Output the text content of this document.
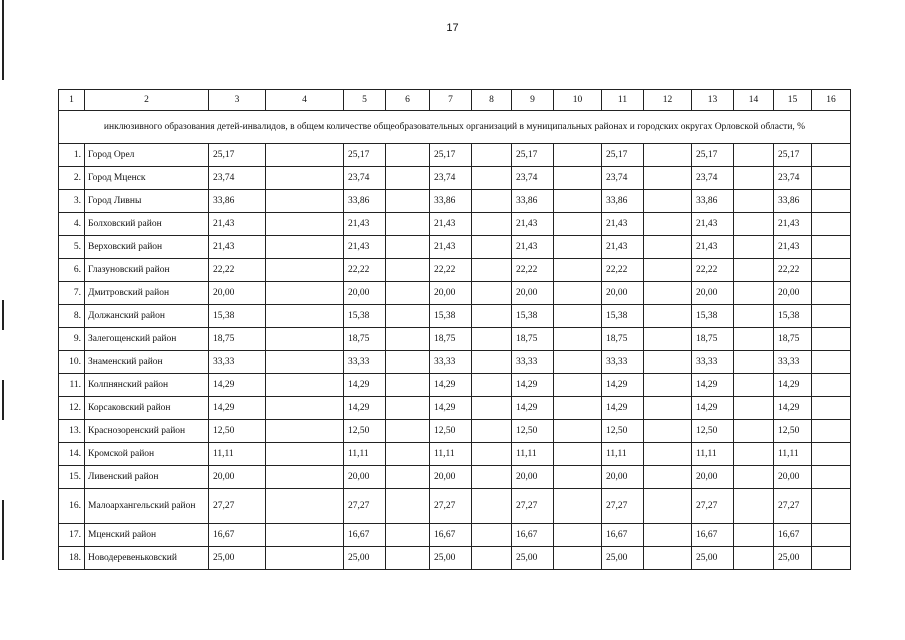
17
1	2	3	4	5	6	7	8	9	10	11	12	13	14	15	16
инклюзивного образования детей-инвалидов, в общем количестве общеобразовательных организаций в муниципальных районах и городских округах Орловской области, %															
1.	Город Орел	25,17		25,17		25,17		25,17		25,17		25,17		25,17	
2.	Город Мценск	23,74		23,74		23,74		23,74		23,74		23,74		23,74	
3.	Город Ливны	33,86		33,86		33,86		33,86		33,86		33,86		33,86	
4.	Болховский район	21,43		21,43		21,43		21,43		21,43		21,43		21,43	
5.	Верховский район	21,43		21,43		21,43		21,43		21,43		21,43		21,43	
6.	Глазуновский район	22,22		22,22		22,22		22,22		22,22		22,22		22,22	
7.	Дмитровский район	20,00		20,00		20,00		20,00		20,00		20,00		20,00	
8.	Должанский район	15,38		15,38		15,38		15,38		15,38		15,38		15,38	
9.	Залегощенский район	18,75		18,75		18,75		18,75		18,75		18,75		18,75	
10.	Знаменский район	33,33		33,33		33,33		33,33		33,33		33,33		33,33	
11.	Колпнянский район	14,29		14,29		14,29		14,29		14,29		14,29		14,29	
12.	Корсаковский район	14,29		14,29		14,29		14,29		14,29		14,29		14,29	
13.	Краснозоренский район	12,50		12,50		12,50		12,50		12,50		12,50		12,50	
14.	Кромской район	11,11		11,11		11,11		11,11		11,11		11,11		11,11	
15.	Ливенский район	20,00		20,00		20,00		20,00		20,00		20,00		20,00	
16.	Малоархангельский район	27,27		27,27		27,27		27,27		27,27		27,27		27,27	
17.	Мценский район	16,67		16,67		16,67		16,67		16,67		16,67		16,67	
18.	Новодеревеньковский	25,00		25,00		25,00		25,00		25,00		25,00		25,00	
